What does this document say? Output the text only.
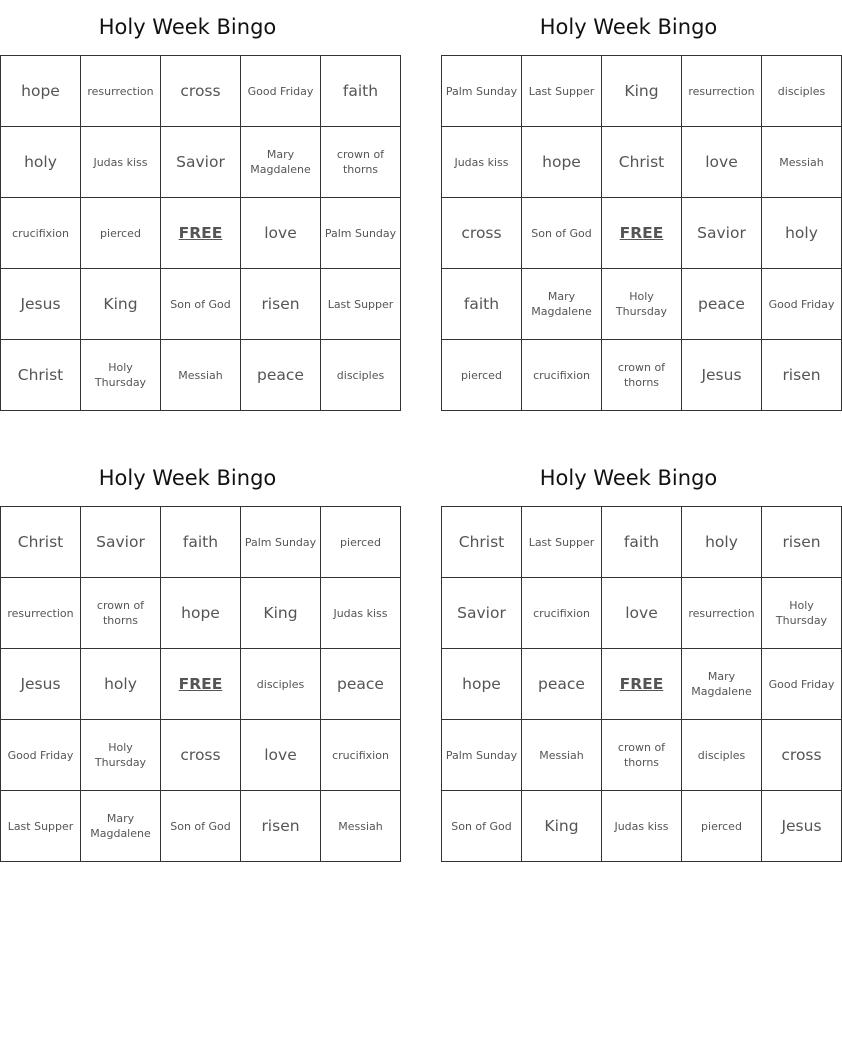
Holy Week Bingo
hope	resurrection	cross	Good Friday	faith
holy	Judas kiss	Savior	Mary Magdalene	crown of thorns
crucifixion	pierced	FREE	love	Palm Sunday
Jesus	King	Son of God	risen	Last Supper
Christ	Holy Thursday	Messiah	peace	disciples
Holy Week Bingo
Palm Sunday	Last Supper	King	resurrection	disciples
Judas kiss	hope	Christ	love	Messiah
cross	Son of God	FREE	Savior	holy
faith	Mary Magdalene	Holy Thursday	peace	Good Friday
pierced	crucifixion	crown of thorns	Jesus	risen
Holy Week Bingo
Christ	Savior	faith	Palm Sunday	pierced
resurrection	crown of thorns	hope	King	Judas kiss
Jesus	holy	FREE	disciples	peace
Good Friday	Holy Thursday	cross	love	crucifixion
Last Supper	Mary Magdalene	Son of God	risen	Messiah
Holy Week Bingo
Christ	Last Supper	faith	holy	risen
Savior	crucifixion	love	resurrection	Holy Thursday
hope	peace	FREE	Mary Magdalene	Good Friday
Palm Sunday	Messiah	crown of thorns	disciples	cross
Son of God	King	Judas kiss	pierced	Jesus
